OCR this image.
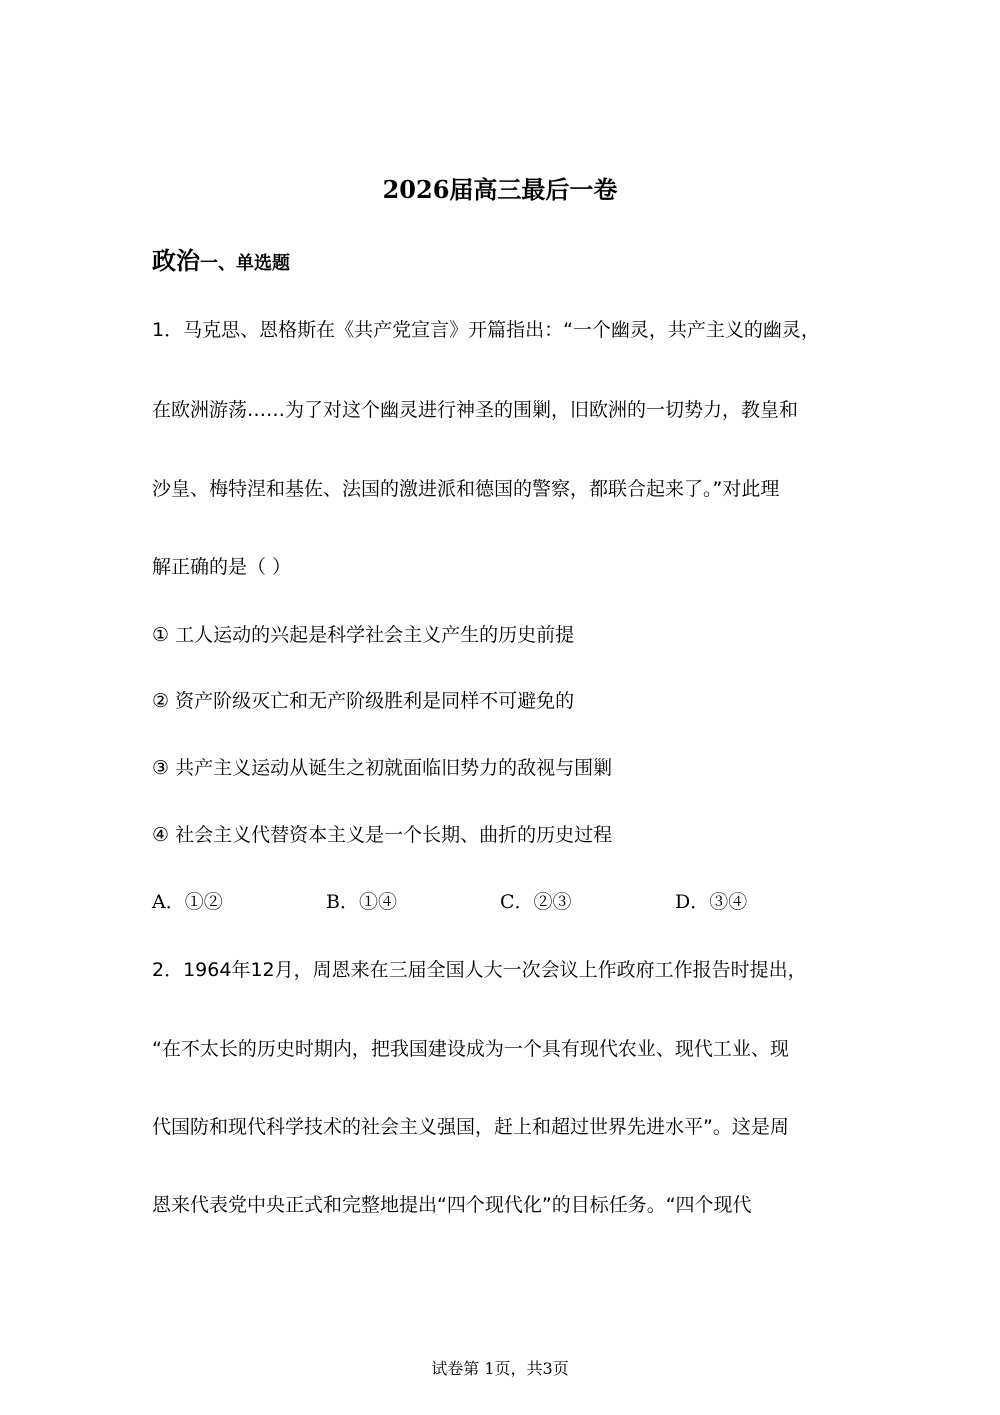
2026届高三最后一卷
政治一、单选题
1．马克思、恩格斯在《共产党宣言》开篇指出：“一个幽灵，共产主义的幽灵，
在欧洲游荡……为了对这个幽灵进行神圣的围剿，旧欧洲的一切势力，教皇和
沙皇、梅特涅和基佐、法国的激进派和德国的警察，都联合起来了。”对此理
解正确的是（ ）
① 工人运动的兴起是科学社会主义产生的历史前提
② 资产阶级灭亡和无产阶级胜利是同样不可避免的
③ 共产主义运动从诞生之初就面临旧势力的敌视与围剿
④ 社会主义代替资本主义是一个长期、曲折的历史过程
A．①②	B．①④	C．②③	D．③④
2．1964年12月，周恩来在三届全国人大一次会议上作政府工作报告时提出，
“在不太长的历史时期内，把我国建设成为一个具有现代农业、现代工业、现
代国防和现代科学技术的社会主义强国，赶上和超过世界先进水平”。这是周
恩来代表党中央正式和完整地提出“四个现代化”的目标任务。“四个现代
试卷第 1页，共3页
